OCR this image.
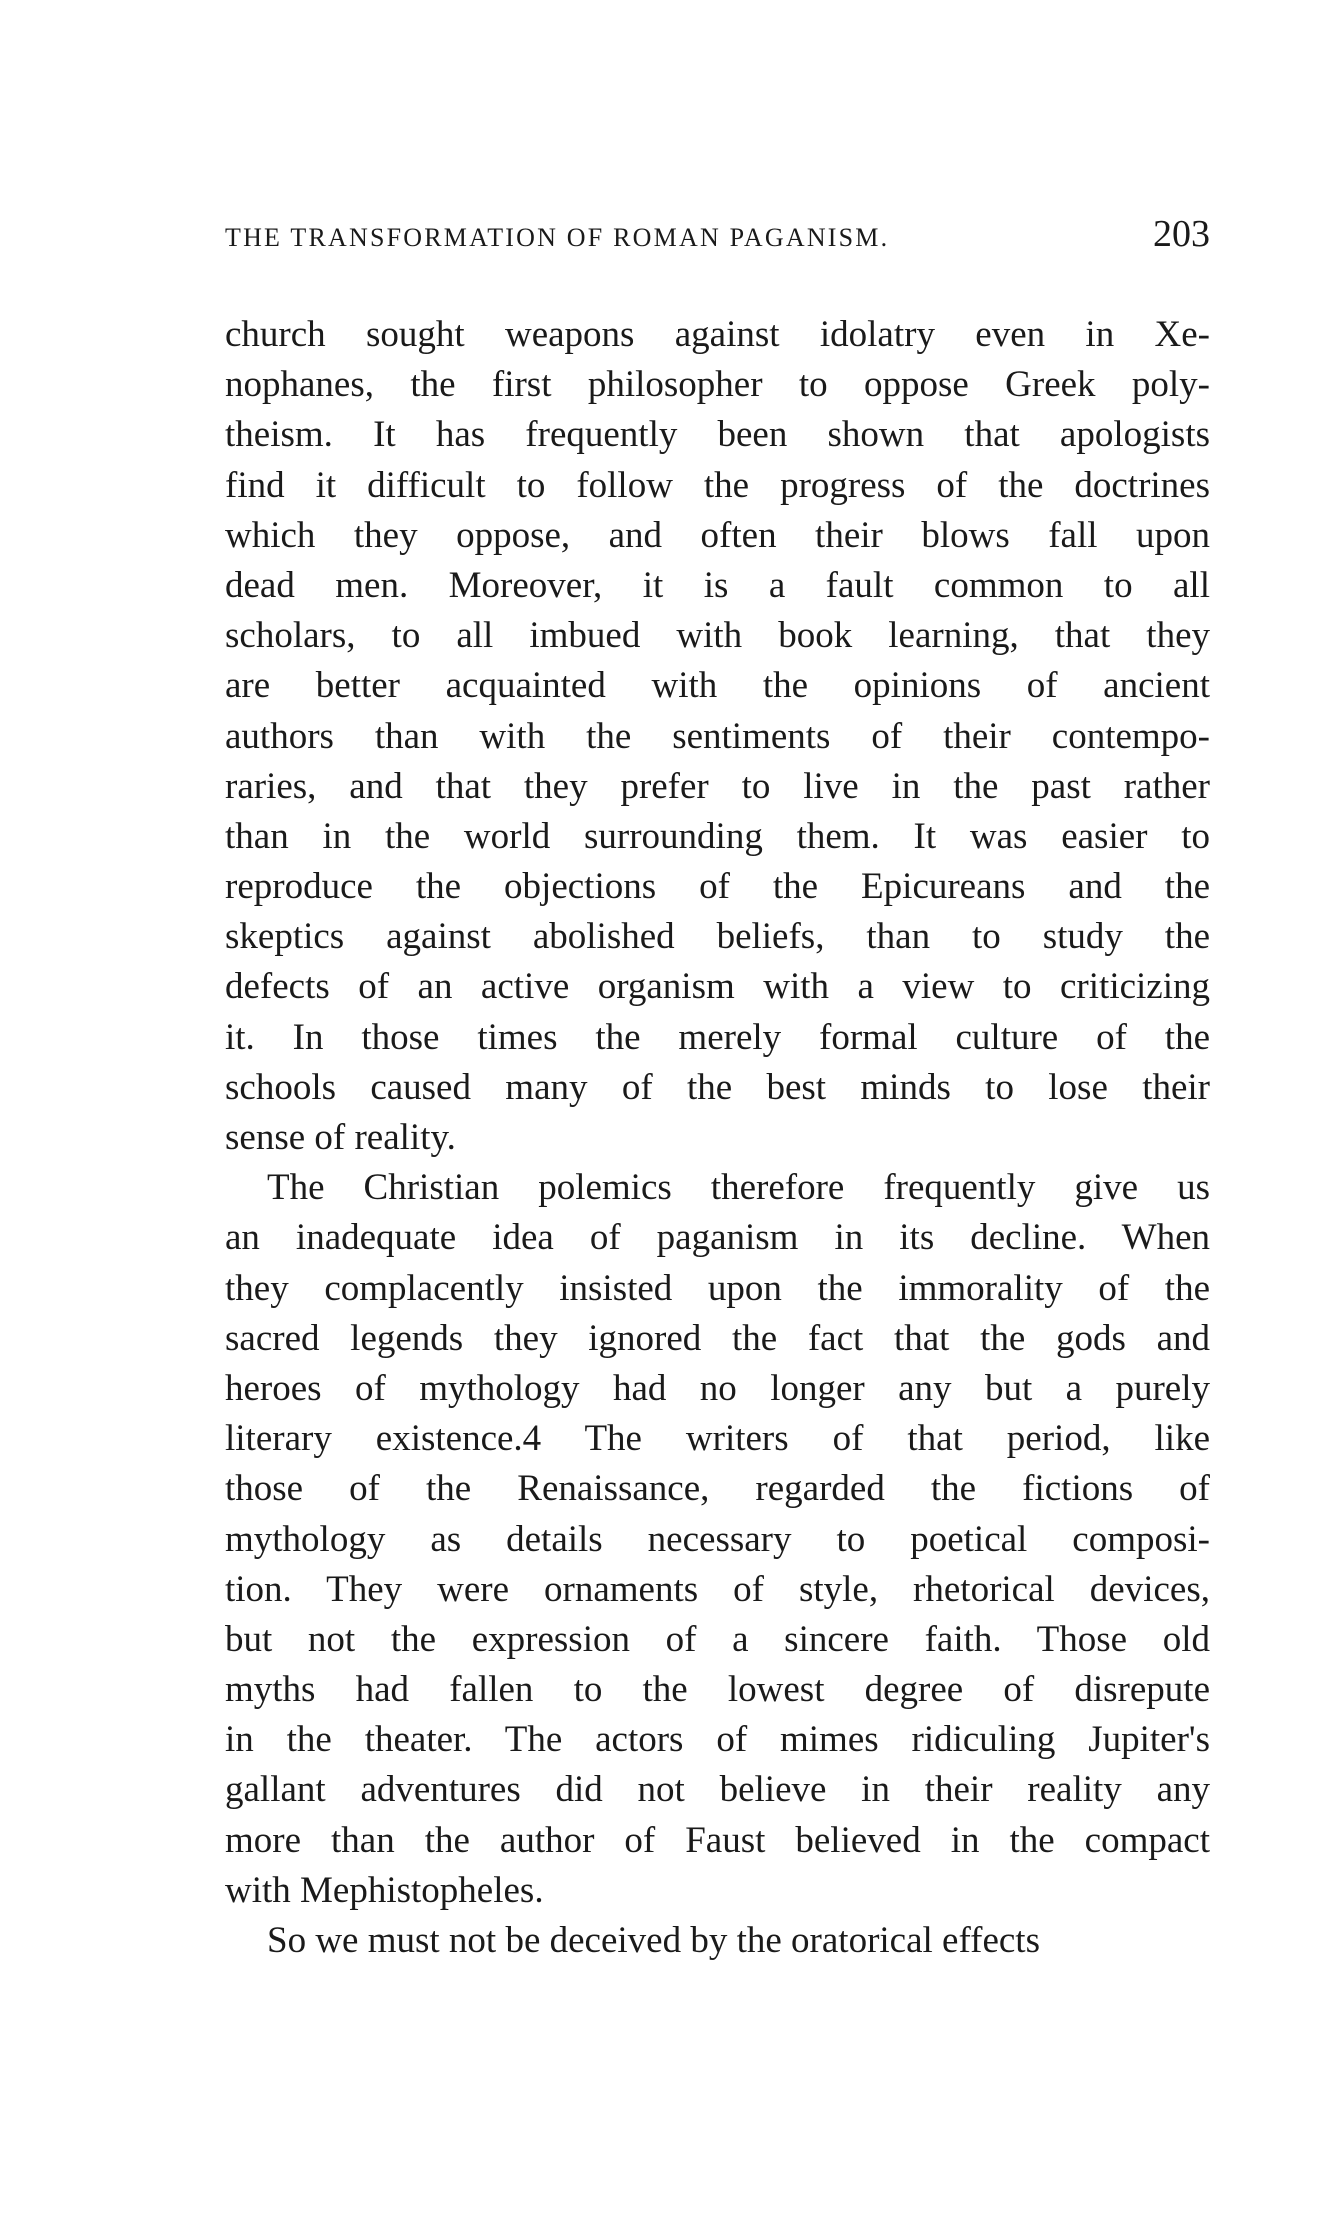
THE TRANSFORMATION OF ROMAN PAGANISM.	203
church sought weapons against idolatry even in Xe-
nophanes, the first philosopher to oppose Greek poly-
theism. It has frequently been shown that apologists
find it difficult to follow the progress of the doctrines
which they oppose, and often their blows fall upon
dead men. Moreover, it is a fault common to all
scholars, to all imbued with book learning, that they
are better acquainted with the opinions of ancient
authors than with the sentiments of their contempo-
raries, and that they prefer to live in the past rather
than in the world surrounding them. It was easier to
reproduce the objections of the Epicureans and the
skeptics against abolished beliefs, than to study the
defects of an active organism with a view to criticizing
it. In those times the merely formal culture of the
schools caused many of the best minds to lose their
sense of reality.
The Christian polemics therefore frequently give us
an inadequate idea of paganism in its decline. When
they complacently insisted upon the immorality of the
sacred legends they ignored the fact that the gods and
heroes of mythology had no longer any but a purely
literary existence.4 The writers of that period, like
those of the Renaissance, regarded the fictions of
mythology as details necessary to poetical composi-
tion. They were ornaments of style, rhetorical devices,
but not the expression of a sincere faith. Those old
myths had fallen to the lowest degree of disrepute
in the theater. The actors of mimes ridiculing Jupiter's
gallant adventures did not believe in their reality any
more than the author of Faust believed in the compact
with Mephistopheles.
So we must not be deceived by the oratorical effects
